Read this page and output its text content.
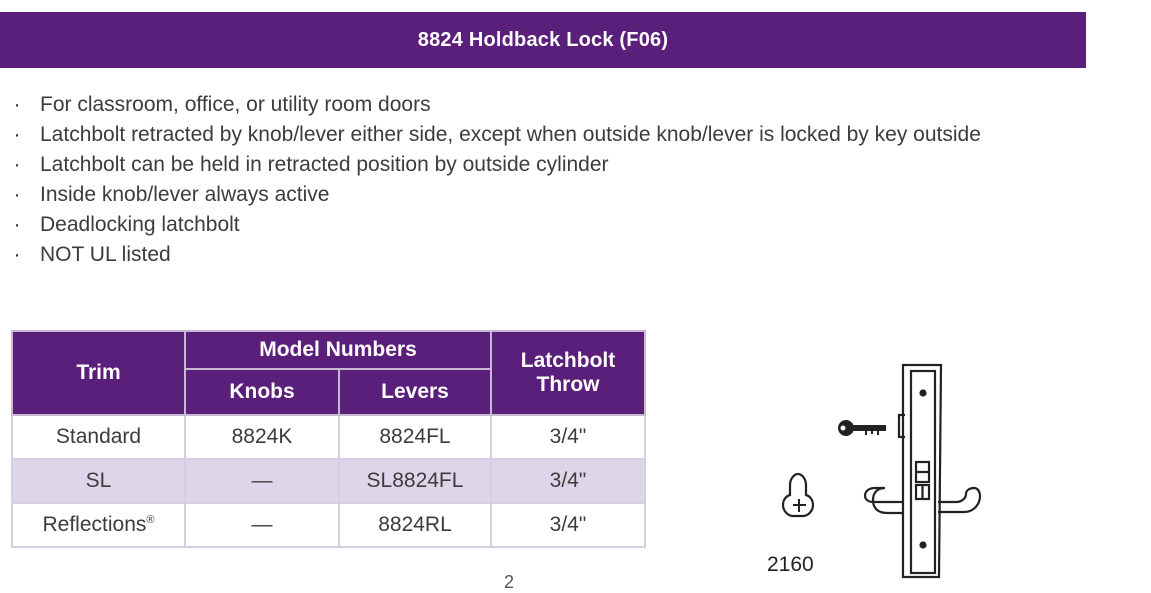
8824 Holdback Lock (F06)
· For classroom, office, or utility room doors
· Latchbolt retracted by knob/lever either side, except when outside knob/lever is locked by key outside
· Latchbolt can be held in retracted position by outside cylinder
· Inside knob/lever always active
· Deadlocking latchbolt
· NOT UL listed
Trim	Model Numbers		Latchbolt Throw
	Knobs	Levers	
Standard	8824K	8824FL	3/4"
SL	—	SL8824FL	3/4"
Reflections®	—	8824RL	3/4"
2160
2
